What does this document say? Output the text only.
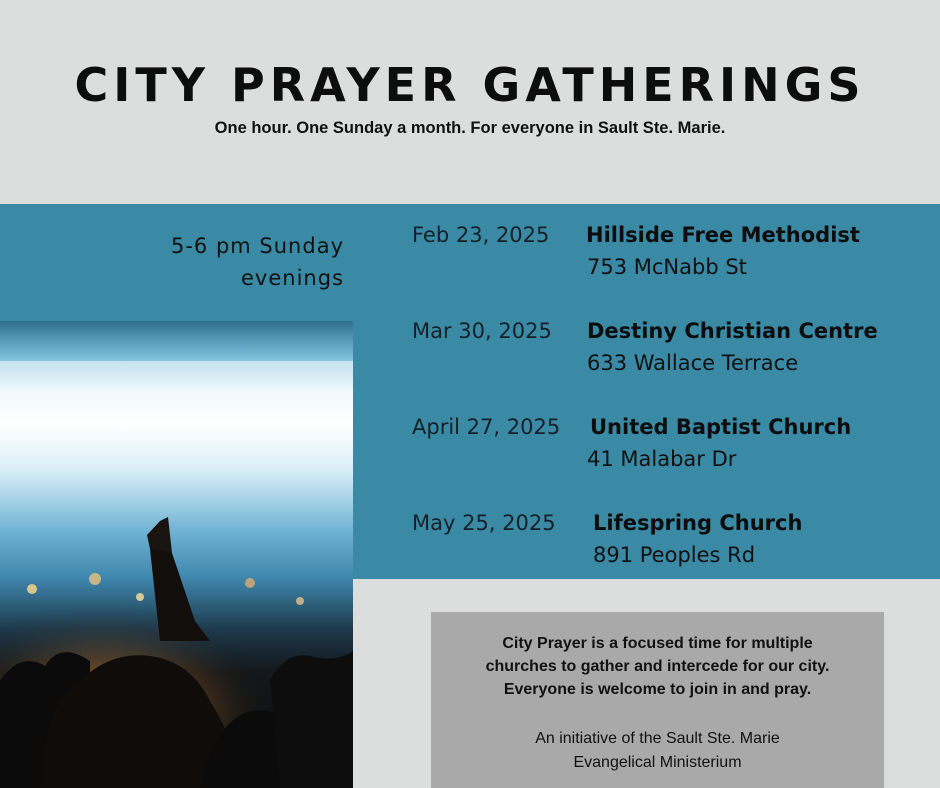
CITY PRAYER GATHERINGS
One hour. One Sunday a month. For everyone in Sault Ste. Marie.
5-6 pm Sunday
evenings
Feb 23, 2025 Hillside Free Methodist
753 McNabb St
Mar 30, 2025 Destiny Christian Centre
633 Wallace Terrace
April 27, 2025 United Baptist Church
41 Malabar Dr
May 25, 2025 Lifespring Church
891 Peoples Rd
City Prayer is a focused time for multiple
churches to gather and intercede for our city.
Everyone is welcome to join in and pray.
An initiative of the Sault Ste. Marie
Evangelical Ministerium
